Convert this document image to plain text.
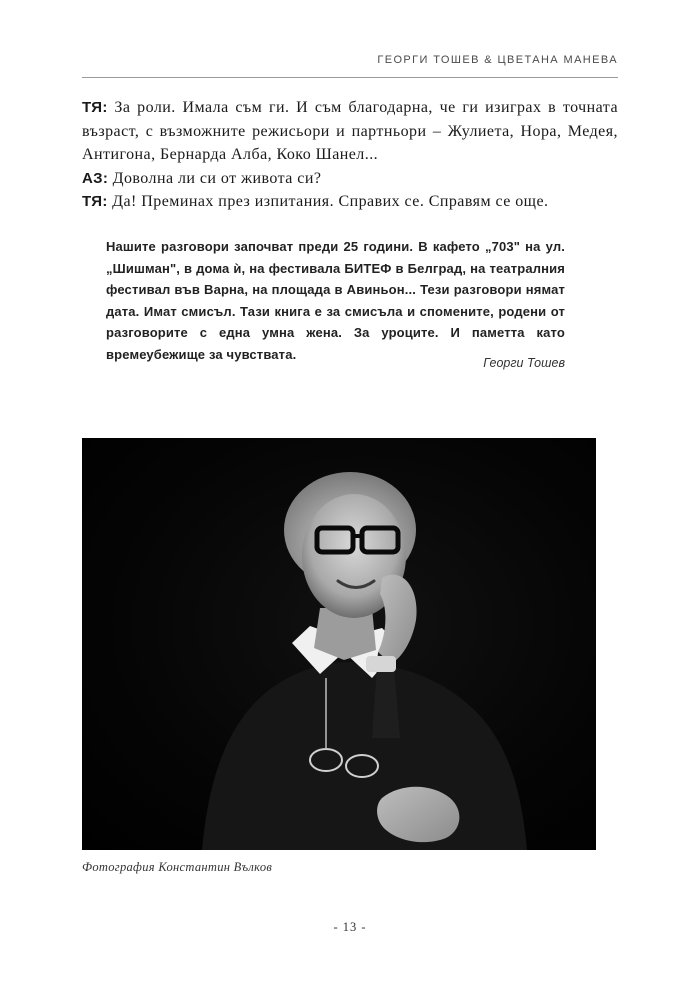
ГЕОРГИ ТОШЕВ & ЦВЕТАНА МАНЕВА

ТЯ: За роли. Имала съм ги. И съм благодарна, че ги изиграх в точната възраст, с възможните режисьори и партньори – Жулиета, Нора, Медея, Антигона, Бернарда Алба, Коко Шанел...

АЗ: Доволна ли си от живота си?

ТЯ: Да! Преминах през изпитания. Справих се. Справям се още.

Нашите разговори започват преди 25 години. В кафето „703" на ул. „Шишман", в дома ѝ, на фестивала БИТЕФ в Белград, на театралния фестивал във Варна, на площада в Авиньон... Тези разговори нямат дата. Имат смисъл. Тази книга е за смисъла и спомените, родени от разговорите с една умна жена. За уроците. И паметта като времеубежище за чувствата.
Георги Тошев
Фотография Константин Вълков
- 13 -
